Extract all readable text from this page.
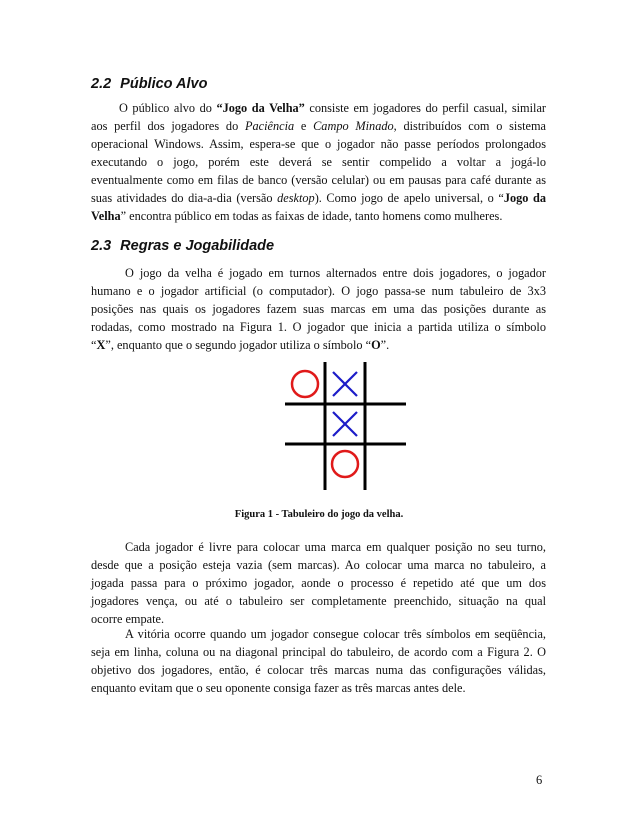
2.2 Público Alvo
O público alvo do “Jogo da Velha” consiste em jogadores do perfil casual, similar
aos perfil dos jogadores do Paciência e Campo Minado, distribuídos com o sistema
operacional Windows. Assim, espera-se que o jogador não passe períodos prolongados
executando o jogo, porém este deverá se sentir compelido a voltar a jogá-lo
eventualmente como em filas de banco (versão celular) ou em pausas para café durante as
suas atividades do dia-a-dia (versão desktop). Como jogo de apelo universal, o “Jogo da
Velha” encontra público em todas as faixas de idade, tanto homens como mulheres.
2.3 Regras e Jogabilidade
O jogo da velha é jogado em turnos alternados entre dois jogadores, o jogador
humano e o jogador artificial (o computador). O jogo passa-se num tabuleiro de 3x3
posições nas quais os jogadores fazem suas marcas em uma das posições durante as
rodadas, como mostrado na Figura 1. O jogador que inicia a partida utiliza o símbolo
“X”, enquanto que o segundo jogador utiliza o símbolo “O”.

Figura 1 - Tabuleiro do jogo da velha.

Cada jogador é livre para colocar uma marca em qualquer posição no seu turno,
desde que a posição esteja vazia (sem marcas). Ao colocar uma marca no tabuleiro, a
jogada passa para o próximo jogador, aonde o processo é repetido até que um dos
jogadores vença, ou até o tabuleiro ser completamente preenchido, situação na qual
ocorre empate.
A vitória ocorre quando um jogador consegue colocar três símbolos em seqüência,
seja em linha, coluna ou na diagonal principal do tabuleiro, de acordo com a Figura 2. O
objetivo dos jogadores, então, é colocar três marcas numa das configurações válidas,
enquanto evitam que o seu oponente consiga fazer as três marcas antes dele.

6
